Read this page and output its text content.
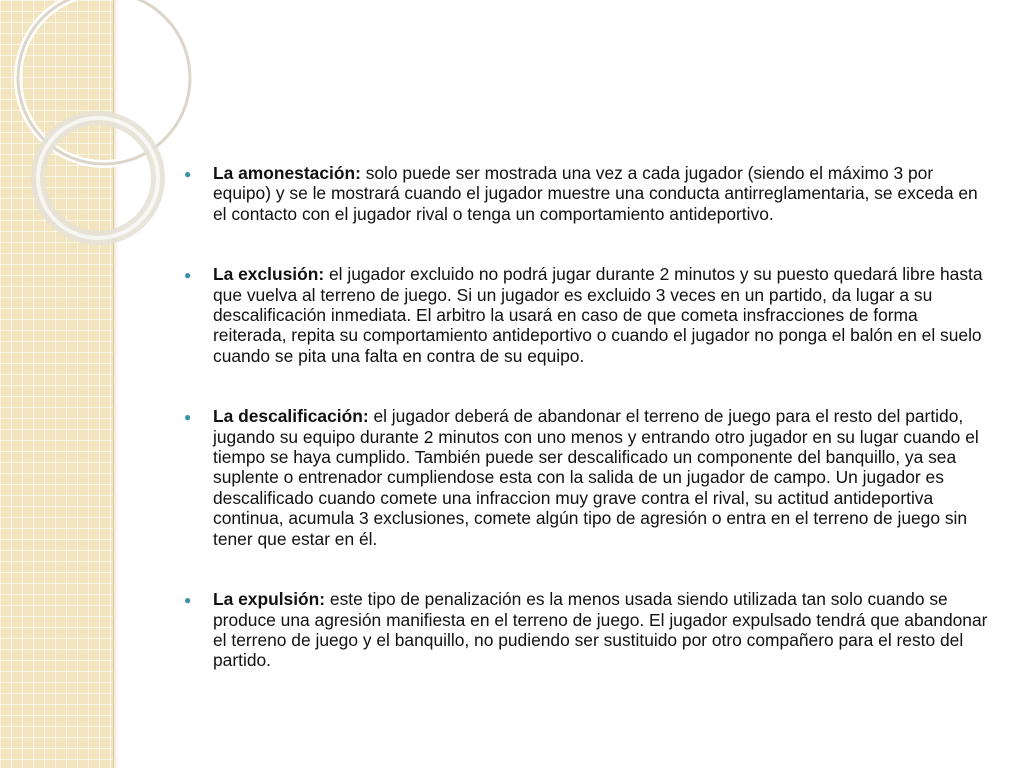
● La amonestación: solo puede ser mostrada una vez a cada jugador (siendo el máximo 3 por equipo) y se le mostrará cuando el jugador muestre una conducta antirreglamentaria, se exceda en el contacto con el jugador rival o tenga un comportamiento antideportivo.
● La exclusión: el jugador excluido no podrá jugar durante 2 minutos y su puesto quedará libre hasta que vuelva al terreno de juego. Si un jugador es excluido 3 veces en un partido, da lugar a su descalificación inmediata. El arbitro la usará en caso de que cometa insfracciones de forma reiterada, repita su comportamiento antideportivo o cuando el jugador no ponga el balón en el suelo cuando se pita una falta en contra de su equipo.
● La descalificación: el jugador deberá de abandonar el terreno de juego para el resto del partido, jugando su equipo durante 2 minutos con uno menos y entrando otro jugador en su lugar cuando el tiempo se haya cumplido. También puede ser descalificado un componente del banquillo, ya sea suplente o entrenador cumpliendose esta con la salida de un jugador de campo. Un jugador es descalificado cuando comete una infraccion muy grave contra el rival, su actitud antideportiva continua, acumula 3 exclusiones, comete algún tipo de agresión o entra en el terreno de juego sin tener que estar en él.
● La expulsión: este tipo de penalización es la menos usada siendo utilizada tan solo cuando se produce una agresión manifiesta en el terreno de juego. El jugador expulsado tendrá que abandonar el terreno de juego y el banquillo, no pudiendo ser sustituido por otro compañero para el resto del partido.
